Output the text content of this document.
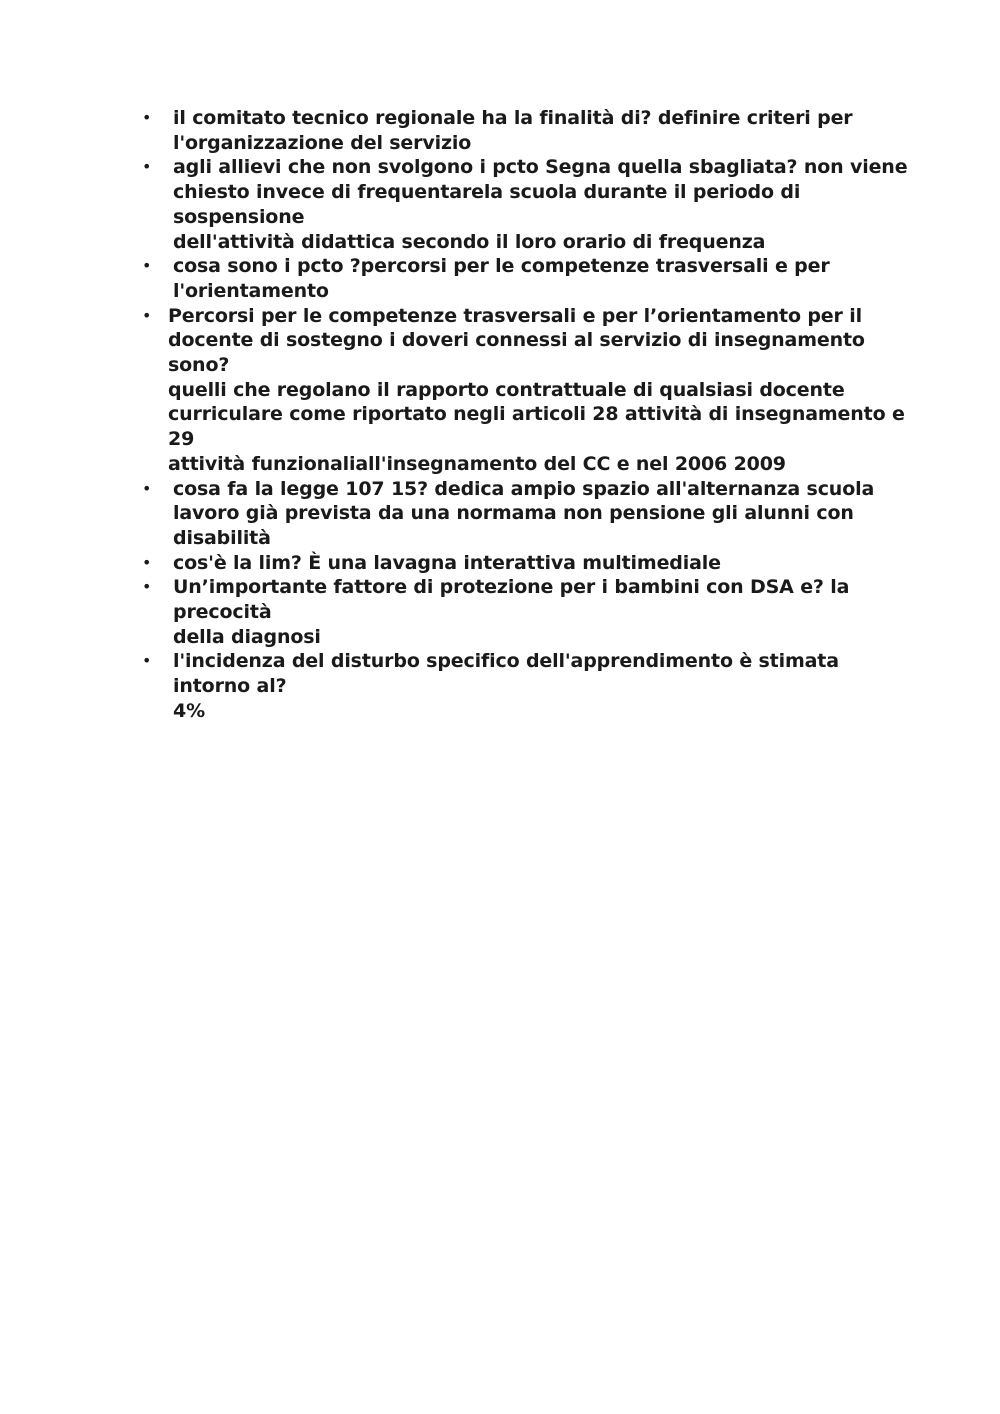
• il comitato tecnico regionale ha la finalità di? definire criteri per
l'organizzazione del servizio
• agli allievi che non svolgono i pcto Segna quella sbagliata? non viene
chiesto invece di frequentarela scuola durante il periodo di sospensione
dell'attività didattica secondo il loro orario di frequenza
• cosa sono i pcto ?percorsi per le competenze trasversali e per
l'orientamento
• Percorsi per le competenze trasversali e per l’orientamento per il
docente di sostegno i doveri connessi al servizio di insegnamento sono?
quelli che regolano il rapporto contrattuale di qualsiasi docente
curriculare come riportato negli articoli 28 attività di insegnamento e 29
attività funzionaliall'insegnamento del CC e nel 2006 2009
• cosa fa la legge 107 15? dedica ampio spazio all'alternanza scuola
lavoro già prevista da una normama non pensione gli alunni con
disabilità
• cos'è la lim? È una lavagna interattiva multimediale
• Un’importante fattore di protezione per i bambini con DSA e? la precocità
della diagnosi
• l'incidenza del disturbo specifico dell'apprendimento è stimata intorno al?
4%
